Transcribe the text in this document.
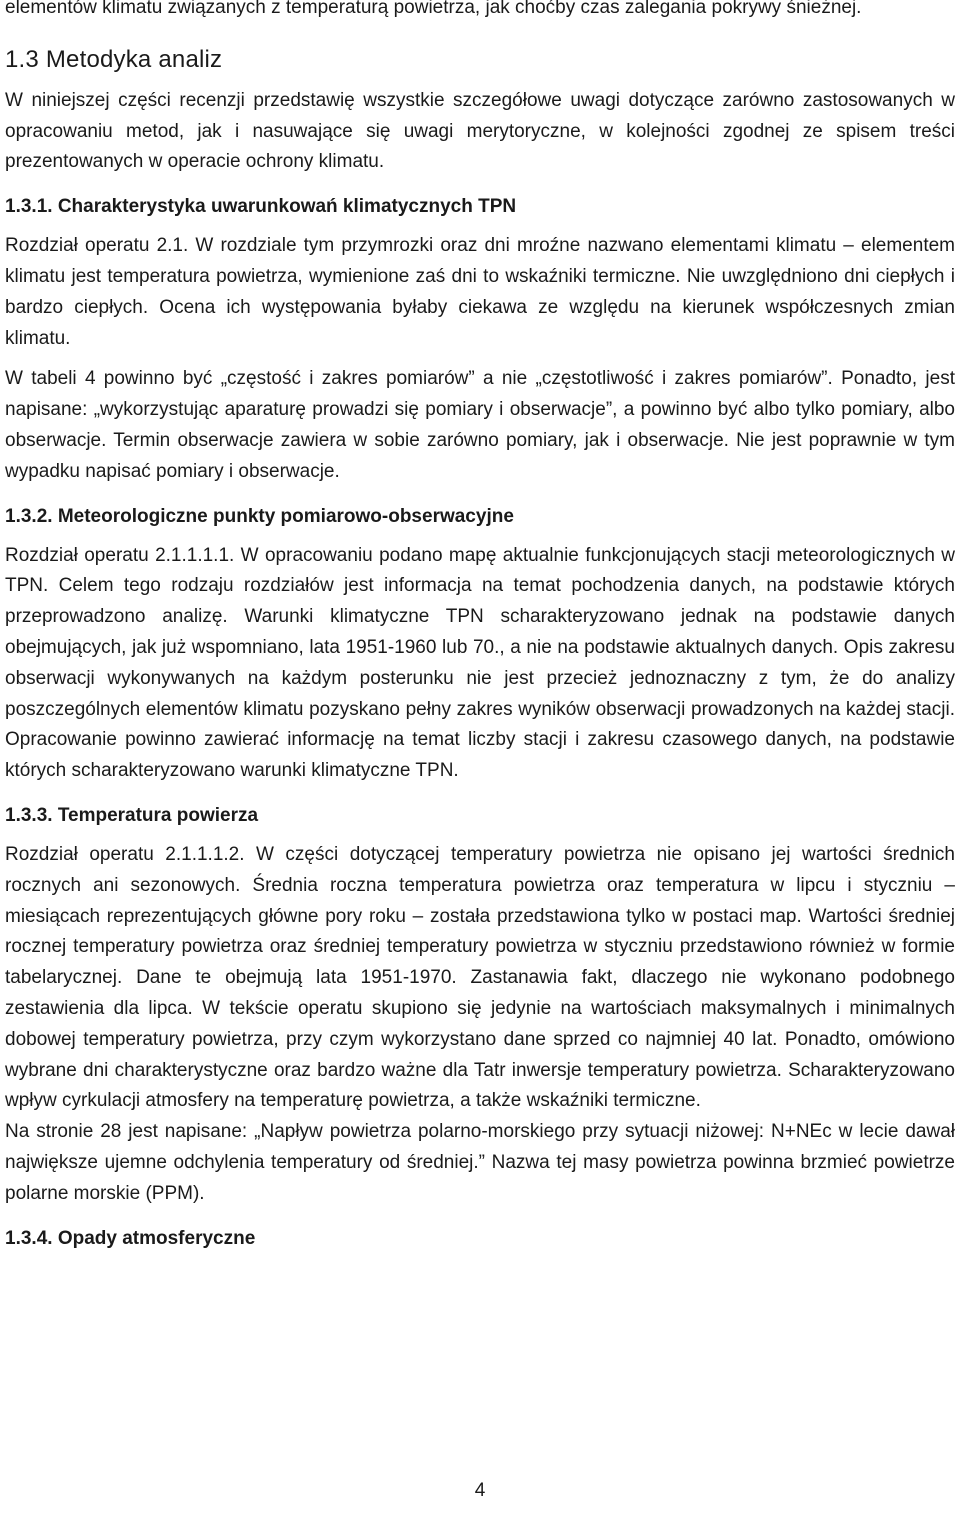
elementów klimatu związanych z temperaturą powietrza, jak choćby czas zalegania pokrywy śnieżnej.

1.3 Metodyka analiz

W niniejszej części recenzji przedstawię wszystkie szczegółowe uwagi dotyczące zarówno zastosowanych w opracowaniu metod, jak i nasuwające się uwagi merytoryczne, w kolejności zgodnej ze spisem treści prezentowanych w operacie ochrony klimatu.

1.3.1. Charakterystyka uwarunkowań klimatycznych TPN

Rozdział operatu 2.1. W rozdziale tym przymrozki oraz dni mroźne nazwano elementami klimatu – elementem klimatu jest temperatura powietrza, wymienione zaś dni to wskaźniki termiczne. Nie uwzględniono dni ciepłych i bardzo ciepłych. Ocena ich występowania byłaby ciekawa ze względu na kierunek współczesnych zmian klimatu.

W tabeli 4 powinno być „częstość i zakres pomiarów” a nie „częstotliwość i zakres pomiarów”. Ponadto, jest napisane: „wykorzystując aparaturę prowadzi się pomiary i obserwacje”, a powinno być albo tylko pomiary, albo obserwacje. Termin obserwacje zawiera w sobie zarówno pomiary, jak i obserwacje. Nie jest poprawnie w tym wypadku napisać pomiary i obserwacje.

1.3.2. Meteorologiczne punkty pomiarowo-obserwacyjne

Rozdział operatu 2.1.1.1.1. W opracowaniu podano mapę aktualnie funkcjonujących stacji meteorologicznych w TPN. Celem tego rodzaju rozdziałów jest informacja na temat pochodzenia danych, na podstawie których przeprowadzono analizę. Warunki klimatyczne TPN scharakteryzowano jednak na podstawie danych obejmujących, jak już wspomniano, lata 1951-1960 lub 70., a nie na podstawie aktualnych danych. Opis zakresu obserwacji wykonywanych na każdym posterunku nie jest przecież jednoznaczny z tym, że do analizy poszczególnych elementów klimatu pozyskano pełny zakres wyników obserwacji prowadzonych na każdej stacji. Opracowanie powinno zawierać informację na temat liczby stacji i zakresu czasowego danych, na podstawie których scharakteryzowano warunki klimatyczne TPN.

1.3.3. Temperatura powierza

Rozdział operatu 2.1.1.1.2. W części dotyczącej temperatury powietrza nie opisano jej wartości średnich rocznych ani sezonowych. Średnia roczna temperatura powietrza oraz temperatura w lipcu i styczniu – miesiącach reprezentujących główne pory roku – została przedstawiona tylko w postaci map. Wartości średniej rocznej temperatury powietrza oraz średniej temperatury powietrza w styczniu przedstawiono również w formie tabelarycznej. Dane te obejmują lata 1951-1970. Zastanawia fakt, dlaczego nie wykonano podobnego zestawienia dla lipca. W tekście operatu skupiono się jedynie na wartościach maksymalnych i minimalnych dobowej temperatury powietrza, przy czym wykorzystano dane sprzed co najmniej 40 lat. Ponadto, omówiono wybrane dni charakterystyczne oraz bardzo ważne dla Tatr inwersje temperatury powietrza. Scharakteryzowano wpływ cyrkulacji atmosfery na temperaturę powietrza, a także wskaźniki termiczne.

Na stronie 28 jest napisane: „Napływ powietrza polarno-morskiego przy sytuacji niżowej: N+NEc w lecie dawał największe ujemne odchylenia temperatury od średniej.” Nazwa tej masy powietrza powinna brzmieć powietrze polarne morskie (PPM).

1.3.4. Opady atmosferyczne
4
